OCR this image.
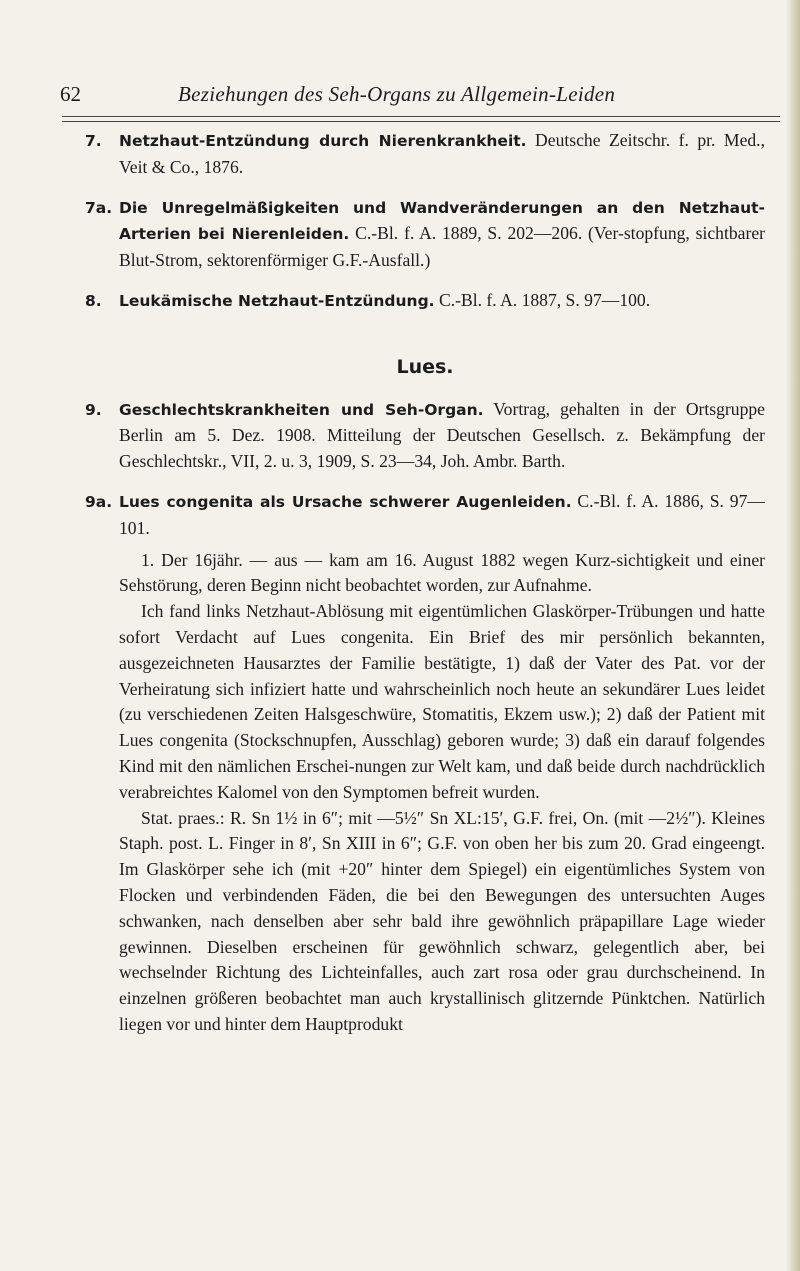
62	Beziehungen des Seh-Organs zu Allgemein-Leiden
7. Netzhaut-Entzündung durch Nierenkrankheit. Deutsche Zeitschr. f. pr. Med., Veit & Co., 1876.
7a. Die Unregelmäßigkeiten und Wandveränderungen an den Netzhaut-Arterien bei Nierenleiden. C.-Bl. f. A. 1889, S. 202—206. (Ver-stopfung, sichtbarer Blut-Strom, sektorenförmiger G.F.-Ausfall.)
8. Leukämische Netzhaut-Entzündung. C.-Bl. f. A. 1887, S. 97—100.
Lues.
9. Geschlechtskrankheiten und Seh-Organ. Vortrag, gehalten in der Ortsgruppe Berlin am 5. Dez. 1908. Mitteilung der Deutschen Gesellsch. z. Bekämpfung der Geschlechtskr., VII, 2. u. 3, 1909, S. 23—34, Joh. Ambr. Barth.
9a. Lues congenita als Ursache schwerer Augenleiden. C.-Bl. f. A. 1886, S. 97—101.

1. Der 16jähr. — aus — kam am 16. August 1882 wegen Kurz-sichtigkeit und einer Sehstörung, deren Beginn nicht beobachtet worden, zur Aufnahme.

Ich fand links Netzhaut-Ablösung mit eigentümlichen Glaskörper-Trübungen und hatte sofort Verdacht auf Lues congenita. Ein Brief des mir persönlich bekannten, ausgezeichneten Hausarztes der Familie bestätigte, 1) daß der Vater des Pat. vor der Verheiratung sich infiziert hatte und wahrscheinlich noch heute an sekundärer Lues leidet (zu verschiedenen Zeiten Halsgeschwüre, Stomatitis, Ekzem usw.); 2) daß der Patient mit Lues congenita (Stockschnupfen, Ausschlag) geboren wurde; 3) daß ein darauf folgendes Kind mit den nämlichen Erschei-nungen zur Welt kam, und daß beide durch nachdrücklich verabreichtes Kalomel von den Symptomen befreit wurden.

Stat. praes.: R. Sn 1½ in 6″; mit —5½″ Sn XL:15′, G.F. frei, On. (mit —2½″). Kleines Staph. post. L. Finger in 8′, Sn XIII in 6″; G.F. von oben her bis zum 20. Grad eingeengt. Im Glaskörper sehe ich (mit +20″ hinter dem Spiegel) ein eigentümliches System von Flocken und verbindenden Fäden, die bei den Bewegungen des untersuchten Auges schwanken, nach denselben aber sehr bald ihre gewöhnlich präpapillare Lage wieder gewinnen. Dieselben erscheinen für gewöhnlich schwarz, gelegentlich aber, bei wechselnder Richtung des Lichteinfalles, auch zart rosa oder grau durchscheinend. In einzelnen größeren beobachtet man auch krystallinisch glitzernde Pünktchen. Natürlich liegen vor und hinter dem Hauptprodukt
